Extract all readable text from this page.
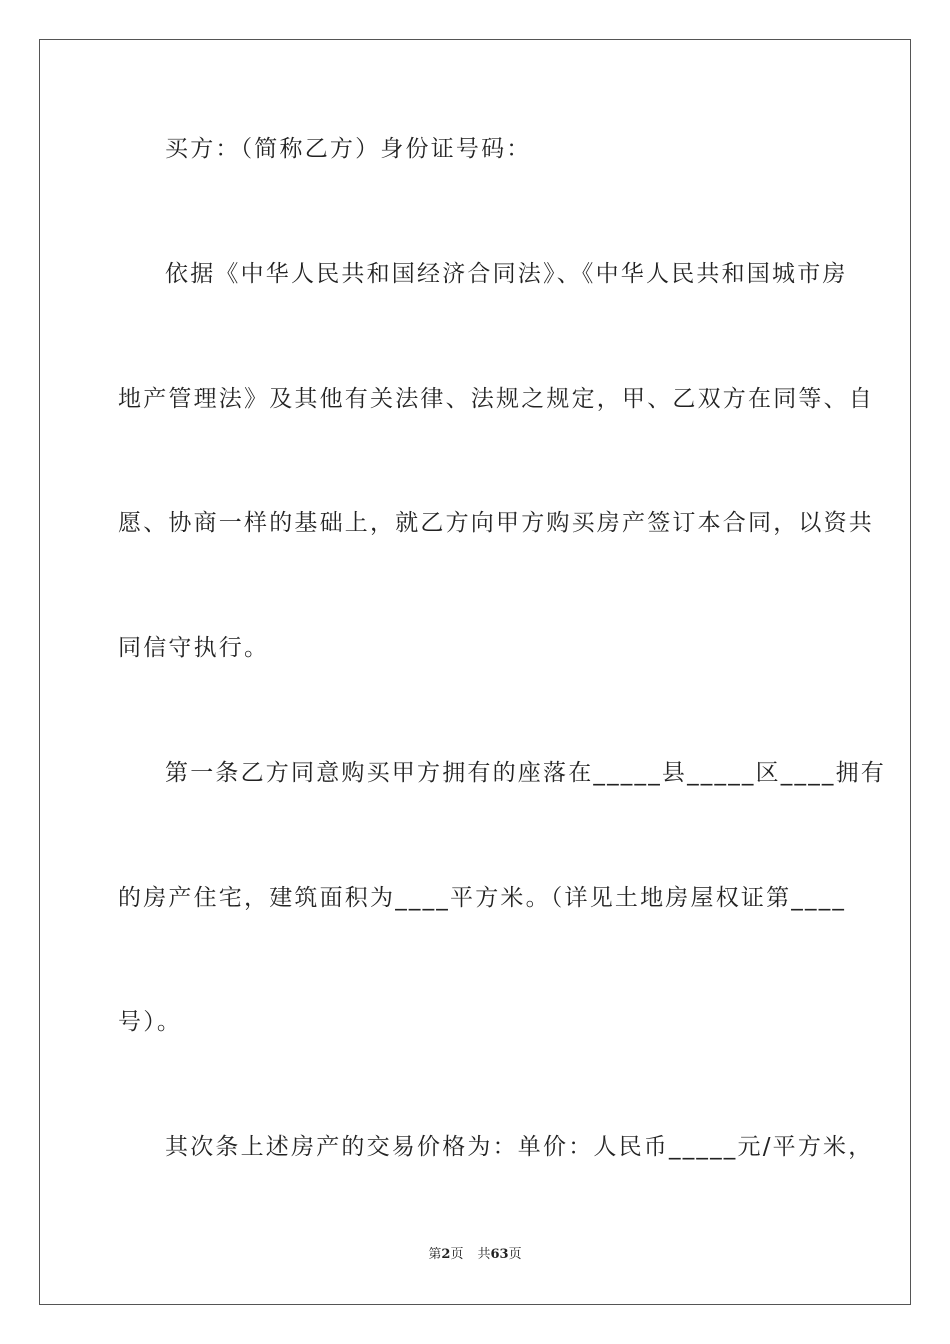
买方：（简称乙方）身份证号码：
依据《中华人民共和国经济合同法》、《中华人民共和国城市房
地产管理法》及其他有关法律、法规之规定，甲、乙双方在同等、自
愿、协商一样的基础上，就乙方向甲方购买房产签订本合同，以资共
同信守执行。
第一条乙方同意购买甲方拥有的座落在_____县_____区____拥有
的房产住宅，建筑面积为____平方米。（详见土地房屋权证第____
号）。
其次条上述房产的交易价格为：单价：人民币_____元/平方米，
第2页 共63页
